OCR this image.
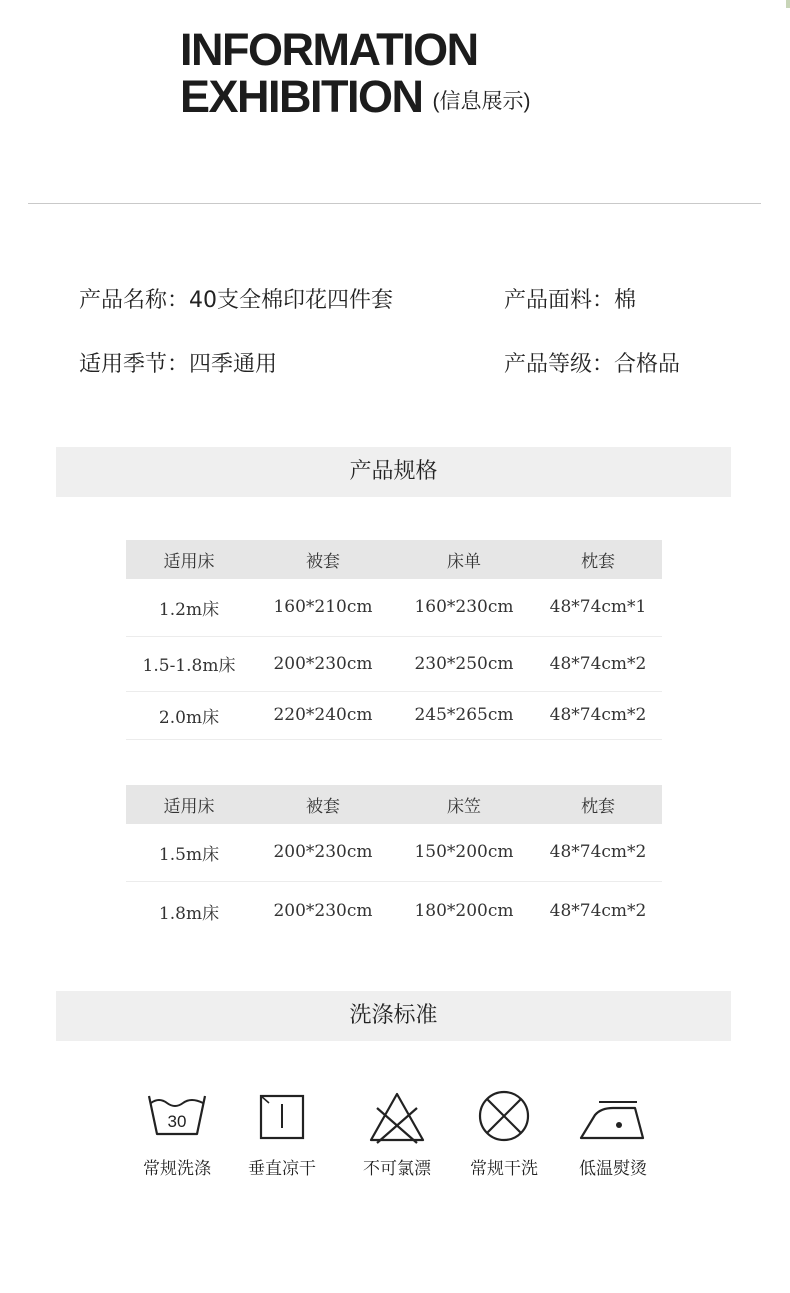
INFORMATION
EXHIBITION (信息展示)
产品名称：40支全棉印花四件套	产品面料：棉
适用季节：四季通用	产品等级：合格品
产品规格
适用床	被套	床单	枕套
1.2m床	160*210cm	160*230cm	48*74cm*1
1.5-1.8m床	200*230cm	230*250cm	48*74cm*2
2.0m床	220*240cm	245*265cm	48*74cm*2
适用床	被套	床笠	枕套
1.5m床	200*230cm	150*200cm	48*74cm*2
1.8m床	200*230cm	180*200cm	48*74cm*2
洗涤标准
30
常规洗涤	垂直凉干	不可氯漂	常规干洗	低温熨烫
